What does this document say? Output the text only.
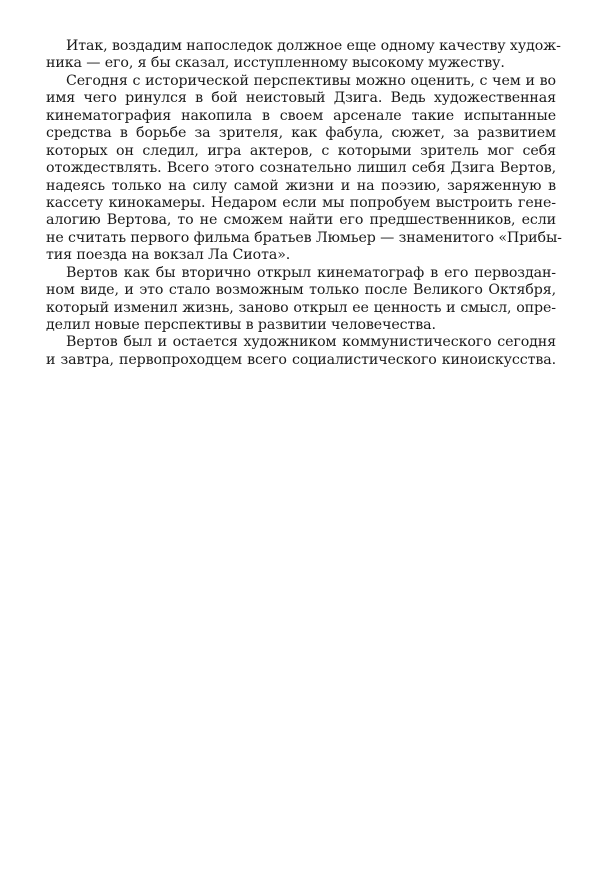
Итак, воздадим напоследок должное еще одному качеству худож-
ника — его, я бы сказал, исступленному высокому мужеству.
Сегодня с исторической перспективы можно оценить, с чем и во
имя чего ринулся в бой неистовый Дзига. Ведь художественная
кинематография накопила в своем арсенале такие испытанные
средства в борьбе за зрителя, как фабула, сюжет, за развитием
которых он следил, игра актеров, с которыми зритель мог себя
отождествлять. Всего этого сознательно лишил себя Дзига Вертов,
надеясь только на силу самой жизни и на поэзию, заряженную в
кассету кинокамеры. Недаром если мы попробуем выстроить гене-
алогию Вертова, то не сможем найти его предшественников, если
не считать первого фильма братьев Люмьер — знаменитого «Прибы-
тия поезда на вокзал Ла Сиота».
Вертов как бы вторично открыл кинематограф в его первоздан-
ном виде, и это стало возможным только после Великого Октября,
который изменил жизнь, заново открыл ее ценность и смысл, опре-
делил новые перспективы в развитии человечества.
Вертов был и остается художником коммунистического сегодня
и завтра, первопроходцем всего социалистического киноискусства.
